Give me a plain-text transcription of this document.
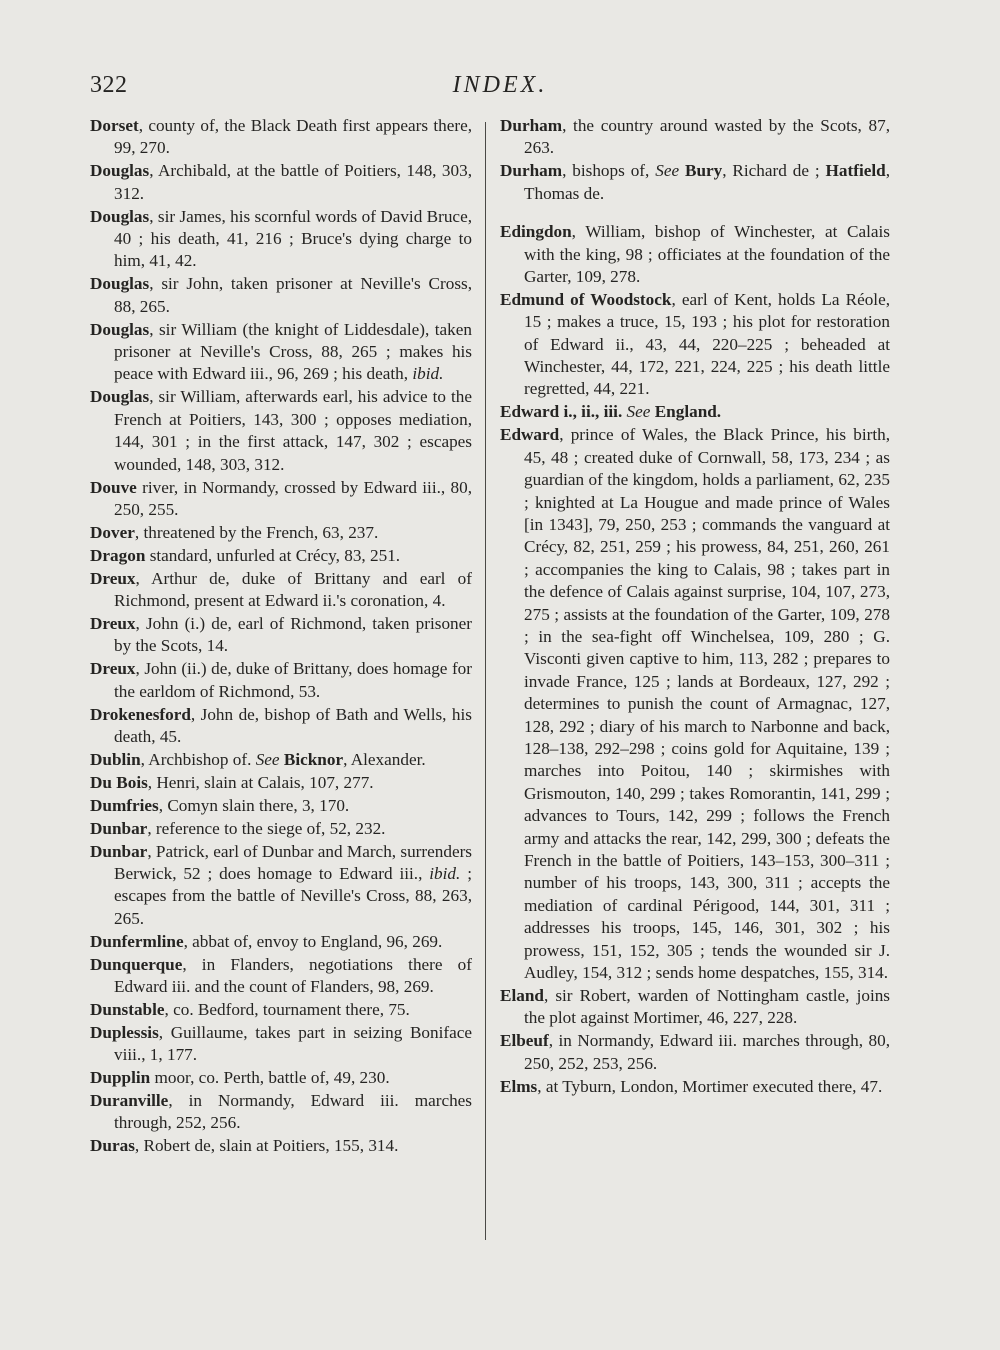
322	INDEX.

Dorset, county of, the Black Death first appears there, 99, 270.

Douglas, Archibald, at the battle of Poitiers, 148, 303, 312.

Douglas, sir James, his scornful words of David Bruce, 40 ; his death, 41, 216 ; Bruce's dying charge to him, 41, 42.

Douglas, sir John, taken prisoner at Neville's Cross, 88, 265.

Douglas, sir William (the knight of Liddesdale), taken prisoner at Neville's Cross, 88, 265 ; makes his peace with Edward iii., 96, 269 ; his death, ibid.

Douglas, sir William, afterwards earl, his advice to the French at Poitiers, 143, 300 ; opposes mediation, 144, 301 ; in the first attack, 147, 302 ; escapes wounded, 148, 303, 312.

Douve river, in Normandy, crossed by Edward iii., 80, 250, 255.

Dover, threatened by the French, 63, 237.

Dragon standard, unfurled at Crécy, 83, 251.

Dreux, Arthur de, duke of Brittany and earl of Richmond, present at Edward ii.'s coronation, 4.

Dreux, John (i.) de, earl of Richmond, taken prisoner by the Scots, 14.

Dreux, John (ii.) de, duke of Brittany, does homage for the earldom of Richmond, 53.

Drokenesford, John de, bishop of Bath and Wells, his death, 45.

Dublin, Archbishop of. See Bicknor, Alexander.

Du Bois, Henri, slain at Calais, 107, 277.

Dumfries, Comyn slain there, 3, 170.

Dunbar, reference to the siege of, 52, 232.

Dunbar, Patrick, earl of Dunbar and March, surrenders Berwick, 52 ; does homage to Edward iii., ibid. ; escapes from the battle of Neville's Cross, 88, 263, 265.

Dunfermline, abbat of, envoy to England, 96, 269.

Dunquerque, in Flanders, negotiations there of Edward iii. and the count of Flanders, 98, 269.

Dunstable, co. Bedford, tournament there, 75.

Duplessis, Guillaume, takes part in seizing Boniface viii., 1, 177.

Dupplin moor, co. Perth, battle of, 49, 230.

Duranville, in Normandy, Edward iii. marches through, 252, 256.

Duras, Robert de, slain at Poitiers, 155, 314.

Durham, the country around wasted by the Scots, 87, 263.

Durham, bishops of, See Bury, Richard de ; Hatfield, Thomas de.

Edingdon, William, bishop of Winchester, at Calais with the king, 98 ; officiates at the foundation of the Garter, 109, 278.

Edmund of Woodstock, earl of Kent, holds La Réole, 15 ; makes a truce, 15, 193 ; his plot for restoration of Edward ii., 43, 44, 220–225 ; beheaded at Winchester, 44, 172, 221, 224, 225 ; his death little regretted, 44, 221.

Edward i., ii., iii. See England.

Edward, prince of Wales, the Black Prince, his birth, 45, 48 ; created duke of Cornwall, 58, 173, 234 ; as guardian of the kingdom, holds a parliament, 62, 235 ; knighted at La Hougue and made prince of Wales [in 1343], 79, 250, 253 ; commands the vanguard at Crécy, 82, 251, 259 ; his prowess, 84, 251, 260, 261 ; accompanies the king to Calais, 98 ; takes part in the defence of Calais against surprise, 104, 107, 273, 275 ; assists at the foundation of the Garter, 109, 278 ; in the sea-fight off Winchelsea, 109, 280 ; G. Visconti given captive to him, 113, 282 ; prepares to invade France, 125 ; lands at Bordeaux, 127, 292 ; determines to punish the count of Armagnac, 127, 128, 292 ; diary of his march to Narbonne and back, 128–138, 292–298 ; coins gold for Aquitaine, 139 ; marches into Poitou, 140 ; skirmishes with Grismouton, 140, 299 ; takes Romorantin, 141, 299 ; advances to Tours, 142, 299 ; follows the French army and attacks the rear, 142, 299, 300 ; defeats the French in the battle of Poitiers, 143–153, 300–311 ; number of his troops, 143, 300, 311 ; accepts the mediation of cardinal Périgood, 144, 301, 311 ; addresses his troops, 145, 146, 301, 302 ; his prowess, 151, 152, 305 ; tends the wounded sir J. Audley, 154, 312 ; sends home despatches, 155, 314.

Eland, sir Robert, warden of Nottingham castle, joins the plot against Mortimer, 46, 227, 228.

Elbeuf, in Normandy, Edward iii. marches through, 80, 250, 252, 253, 256.

Elms, at Tyburn, London, Mortimer executed there, 47.
